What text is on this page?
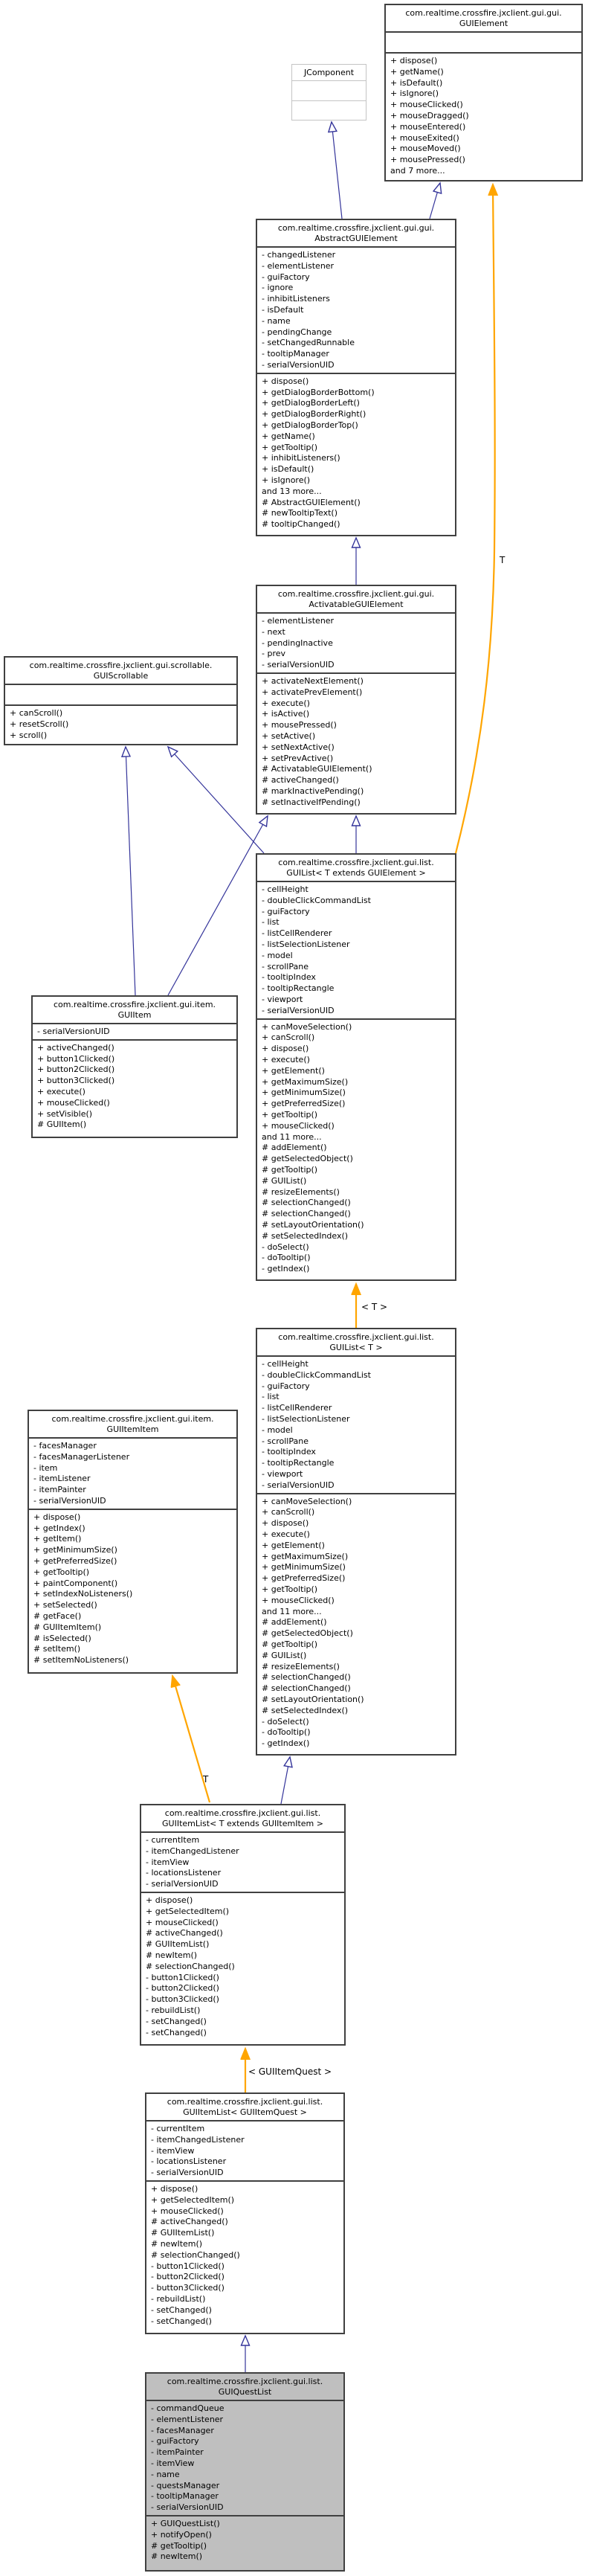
T
< T >
T
< GUIItemQuest >
com.realtime.crossfire.jxclient.gui.gui.
GUIElement
+ dispose()
+ getName()
+ isDefault()
+ isIgnore()
+ mouseClicked()
+ mouseDragged()
+ mouseEntered()
+ mouseExited()
+ mouseMoved()
+ mousePressed()
and 7 more...
JComponent
com.realtime.crossfire.jxclient.gui.gui.
AbstractGUIElement
- changedListener
- elementListener
- guiFactory
- ignore
- inhibitListeners
- isDefault
- name
- pendingChange
- setChangedRunnable
- tooltipManager
- serialVersionUID
+ dispose()
+ getDialogBorderBottom()
+ getDialogBorderLeft()
+ getDialogBorderRight()
+ getDialogBorderTop()
+ getName()
+ getTooltip()
+ inhibitListeners()
+ isDefault()
+ isIgnore()
and 13 more...
# AbstractGUIElement()
# newTooltipText()
# tooltipChanged()
com.realtime.crossfire.jxclient.gui.gui.
ActivatableGUIElement
- elementListener
- next
- pendingInactive
- prev
- serialVersionUID
+ activateNextElement()
+ activatePrevElement()
+ execute()
+ isActive()
+ mousePressed()
+ setActive()
+ setNextActive()
+ setPrevActive()
# ActivatableGUIElement()
# activeChanged()
# markInactivePending()
# setInactiveIfPending()
com.realtime.crossfire.jxclient.gui.scrollable.
GUIScrollable
+ canScroll()
+ resetScroll()
+ scroll()
com.realtime.crossfire.jxclient.gui.list.
GUIList< T extends GUIElement >
- cellHeight
- doubleClickCommandList
- guiFactory
- list
- listCellRenderer
- listSelectionListener
- model
- scrollPane
- tooltipIndex
- tooltipRectangle
- viewport
- serialVersionUID
+ canMoveSelection()
+ canScroll()
+ dispose()
+ execute()
+ getElement()
+ getMaximumSize()
+ getMinimumSize()
+ getPreferredSize()
+ getTooltip()
+ mouseClicked()
and 11 more...
# addElement()
# getSelectedObject()
# getTooltip()
# GUIList()
# resizeElements()
# selectionChanged()
# selectionChanged()
# setLayoutOrientation()
# setSelectedIndex()
- doSelect()
- doTooltip()
- getIndex()
com.realtime.crossfire.jxclient.gui.item.
GUIItem
- serialVersionUID
+ activeChanged()
+ button1Clicked()
+ button2Clicked()
+ button3Clicked()
+ execute()
+ mouseClicked()
+ setVisible()
# GUIItem()
com.realtime.crossfire.jxclient.gui.list.
GUIList< T >
- cellHeight
- doubleClickCommandList
- guiFactory
- list
- listCellRenderer
- listSelectionListener
- model
- scrollPane
- tooltipIndex
- tooltipRectangle
- viewport
- serialVersionUID
+ canMoveSelection()
+ canScroll()
+ dispose()
+ execute()
+ getElement()
+ getMaximumSize()
+ getMinimumSize()
+ getPreferredSize()
+ getTooltip()
+ mouseClicked()
and 11 more...
# addElement()
# getSelectedObject()
# getTooltip()
# GUIList()
# resizeElements()
# selectionChanged()
# selectionChanged()
# setLayoutOrientation()
# setSelectedIndex()
- doSelect()
- doTooltip()
- getIndex()
com.realtime.crossfire.jxclient.gui.item.
GUIItemItem
- facesManager
- facesManagerListener
- item
- itemListener
- itemPainter
- serialVersionUID
+ dispose()
+ getIndex()
+ getItem()
+ getMinimumSize()
+ getPreferredSize()
+ getTooltip()
+ paintComponent()
+ setIndexNoListeners()
+ setSelected()
# getFace()
# GUIItemItem()
# isSelected()
# setItem()
# setItemNoListeners()
com.realtime.crossfire.jxclient.gui.list.
GUIItemList< T extends GUIItemItem >
- currentItem
- itemChangedListener
- itemView
- locationsListener
- serialVersionUID
+ dispose()
+ getSelectedItem()
+ mouseClicked()
# activeChanged()
# GUIItemList()
# newItem()
# selectionChanged()
- button1Clicked()
- button2Clicked()
- button3Clicked()
- rebuildList()
- setChanged()
- setChanged()
com.realtime.crossfire.jxclient.gui.list.
GUIItemList< GUIItemQuest >
- currentItem
- itemChangedListener
- itemView
- locationsListener
- serialVersionUID
+ dispose()
+ getSelectedItem()
+ mouseClicked()
# activeChanged()
# GUIItemList()
# newItem()
# selectionChanged()
- button1Clicked()
- button2Clicked()
- button3Clicked()
- rebuildList()
- setChanged()
- setChanged()
com.realtime.crossfire.jxclient.gui.list.
GUIQuestList
- commandQueue
- elementListener
- facesManager
- guiFactory
- itemPainter
- itemView
- name
- questsManager
- tooltipManager
- serialVersionUID
+ GUIQuestList()
+ notifyOpen()
# getTooltip()
# newItem()
